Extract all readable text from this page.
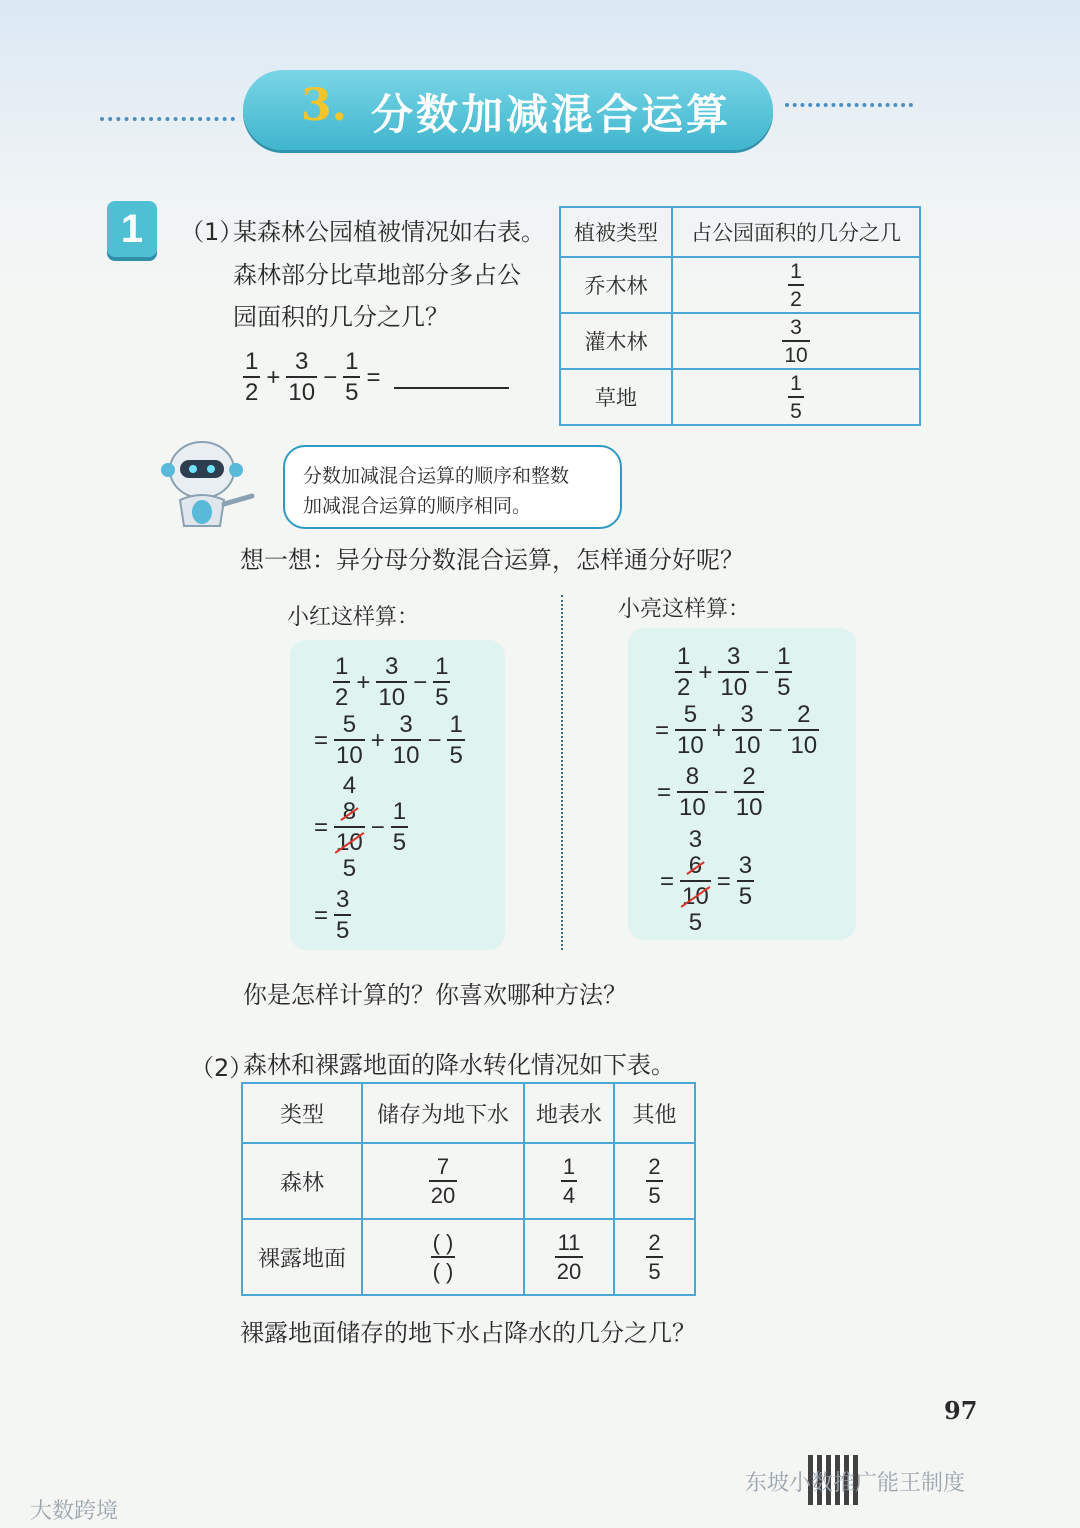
3. 分数加减混合运算
1	（1）
某森林公园植被情况如右表。
森林部分比草地部分多占公
园面积的几分之几？
$\frac{1}{2} + \frac{3}{10} - \frac{1}{5}$ =
植被类型	占公园面积的几分之几
乔木林	$\frac{1}{2}$

灌木林	$\frac{3}{10}$

草地	$\frac{1}{5}$
分数加减混合运算的顺序和整数
加减混合运算的顺序相同。
想一想：异分母分数混合运算，怎样通分好呢？
小红这样算：
$\frac{1}{2} + \frac{3}{10} - \frac{1}{5}$
= $\frac{5}{10} + \frac{3}{10} - \frac{1}{5}$
=
4
$\frac{8}{10}$
5
− $\frac{1}{5}$
= $\frac{3}{5}$
小亮这样算：
$\frac{1}{2} + \frac{3}{10} - \frac{1}{5}$
= $\frac{5}{10} + \frac{3}{10} - \frac{2}{10}$
= $\frac{8}{10} - \frac{2}{10}$
=
3
$\frac{6}{10}$
5
= $\frac{3}{5}$
你是怎样计算的？你喜欢哪种方法？
（2）
森林和裸露地面的降水转化情况如下表。
类型	储存为地下水	地表水	其他
森林	$\frac{7}{20}$	$\frac{1}{4}$	$\frac{2}{5}$

裸露地面	$\frac{( )}{( )}$	$\frac{11}{20}$	$\frac{2}{5}$
裸露地面储存的地下水占降水的几分之几？
97
大数跨境
东坡小数推广能王制度
